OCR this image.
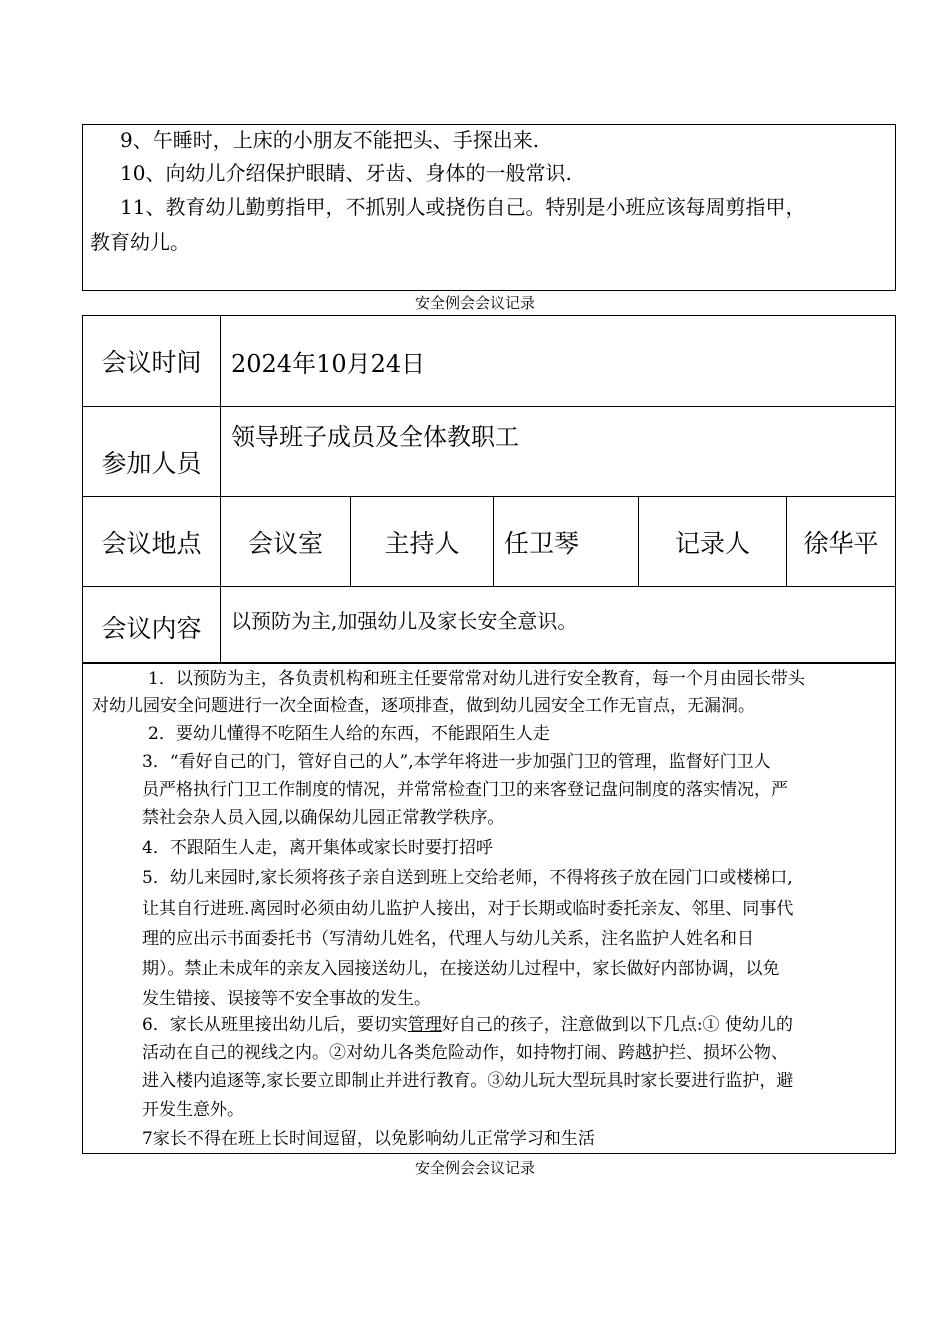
9、午睡时，上床的小朋友不能把头、手探出来.
10、向幼儿介绍保护眼睛、牙齿、身体的一般常识.
11、教育幼儿勤剪指甲，不抓别人或挠伤自己。特别是小班应该每周剪指甲，
教育幼儿。
安全例会会议记录
会议时间	2024年10月24日				
参加人员	领导班子成员及全体教职工				
会议地点	会议室	主持人	任卫琴	记录人	徐华平
会议内容	以预防为主,加强幼儿及家长安全意识。				
1．以预防为主，各负责机构和班主任要常常对幼儿进行安全教育，每一个月由园长带头
对幼儿园安全问题进行一次全面检查，逐项排查，做到幼儿园安全工作无盲点，无漏洞。
2．要幼儿懂得不吃陌生人给的东西，不能跟陌生人走
3．“看好自己的门，管好自己的人”,本学年将进一步加强门卫的管理，监督好门卫人
员严格执行门卫工作制度的情况，并常常检查门卫的来客登记盘问制度的落实情况，严
禁社会杂人员入园,以确保幼儿园正常教学秩序。
4．不跟陌生人走，离开集体或家长时要打招呼
5．幼儿来园时,家长须将孩子亲自送到班上交给老师，不得将孩子放在园门口或楼梯口,
让其自行进班.离园时必须由幼儿监护人接出，对于长期或临时委托亲友、邻里、同事代
理的应出示书面委托书（写清幼儿姓名，代理人与幼儿关系，注名监护人姓名和日
期）。禁止未成年的亲友入园接送幼儿，在接送幼儿过程中，家长做好内部协调，以免
发生错接、误接等不安全事故的发生。
6．家长从班里接出幼儿后，要切实管理好自己的孩子，注意做到以下几点:① 使幼儿的
活动在自己的视线之内。②对幼儿各类危险动作，如持物打闹、跨越护拦、损坏公物、
进入楼内追逐等,家长要立即制止并进行教育。③幼儿玩大型玩具时家长要进行监护，避
开发生意外。
7家长不得在班上长时间逗留，以免影响幼儿正常学习和生活
安全例会会议记录
